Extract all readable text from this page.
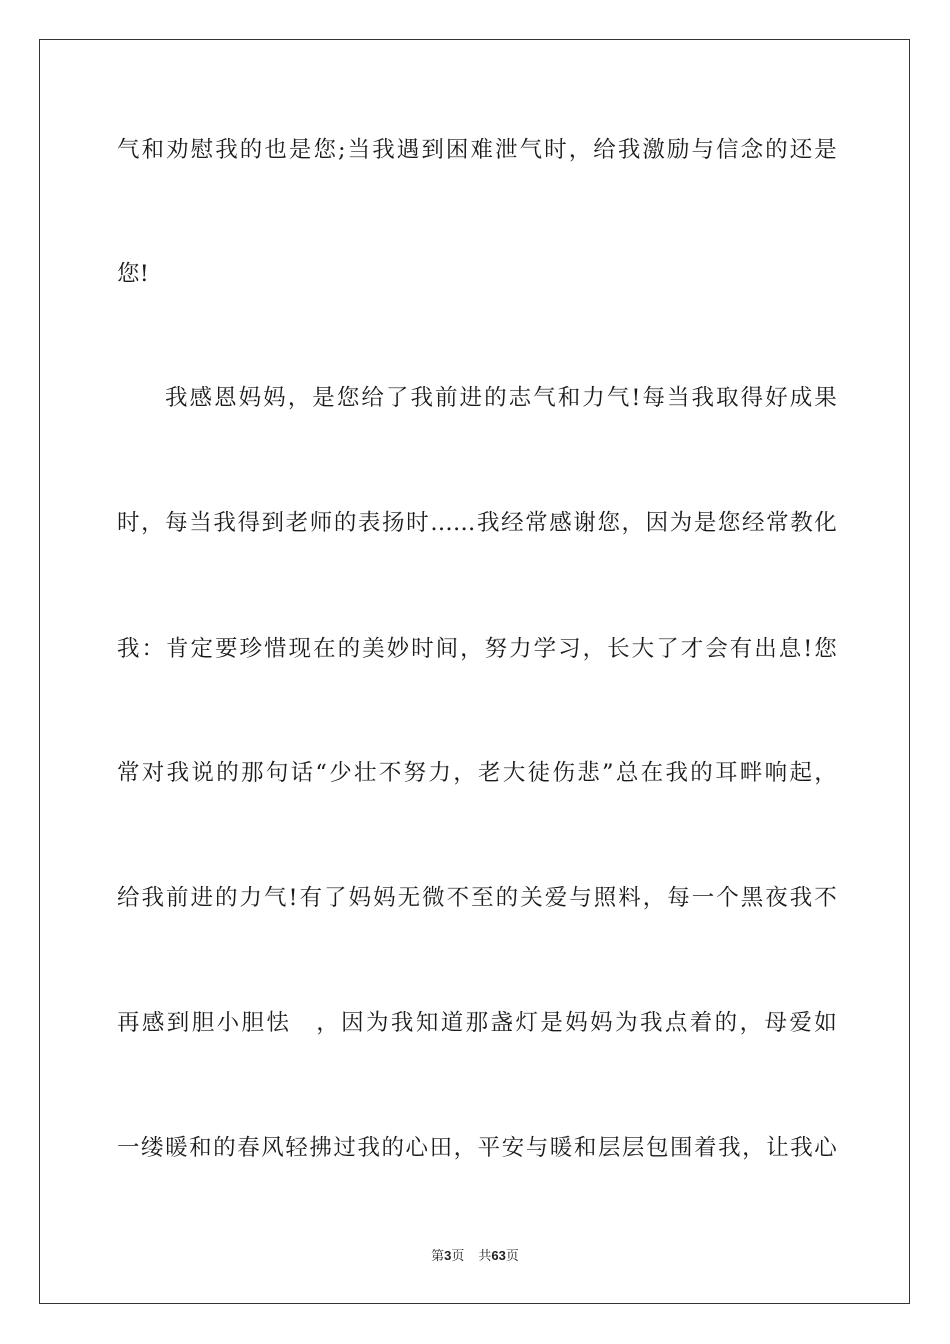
气和劝慰我的也是您;当我遇到困难泄气时，给我激励与信念的还是
您!
我感恩妈妈，是您给了我前进的志气和力气!每当我取得好成果
时，每当我得到老师的表扬时……我经常感谢您，因为是您经常教化
我：肯定要珍惜现在的美妙时间，努力学习，长大了才会有出息!您
常对我说的那句话“少壮不努力，老大徒伤悲”总在我的耳畔响起，
给我前进的力气!有了妈妈无微不至的关爱与照料，每一个黑夜我不
再感到胆小胆怯　，因为我知道那盏灯是妈妈为我点着的，母爱如
一缕暖和的春风轻拂过我的心田，平安与暖和层层包围着我，让我心
第3页 共63页
